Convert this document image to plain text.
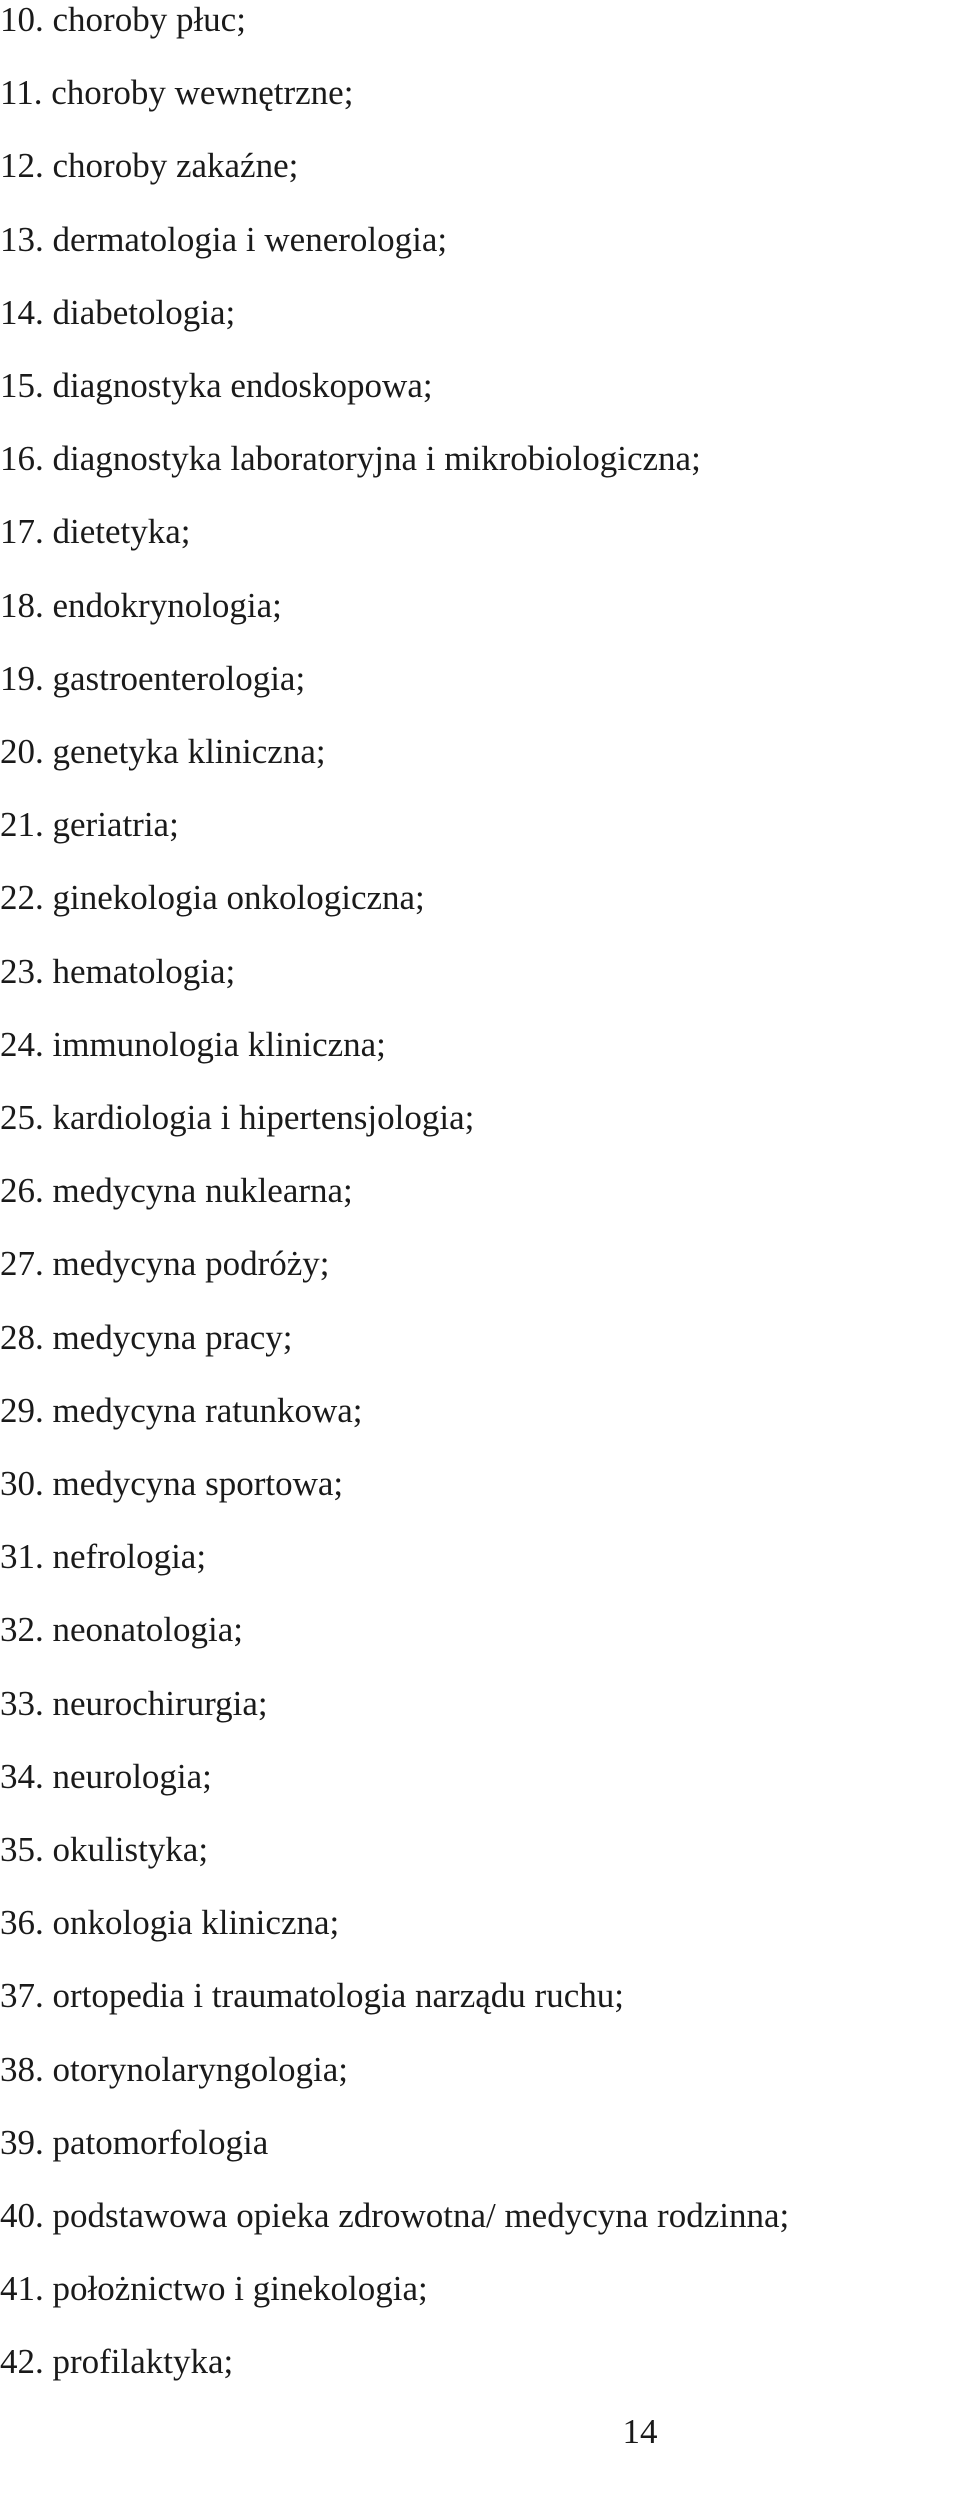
10. choroby płuc;
11. choroby wewnętrzne;
12. choroby zakaźne;
13. dermatologia i wenerologia;
14. diabetologia;
15. diagnostyka endoskopowa;
16. diagnostyka laboratoryjna i mikrobiologiczna;
17. dietetyka;
18. endokrynologia;
19. gastroenterologia;
20. genetyka kliniczna;
21. geriatria;
22. ginekologia onkologiczna;
23. hematologia;
24. immunologia kliniczna;
25. kardiologia i hipertensjologia;
26. medycyna nuklearna;
27. medycyna podróży;
28. medycyna pracy;
29. medycyna ratunkowa;
30. medycyna sportowa;
31. nefrologia;
32. neonatologia;
33. neurochirurgia;
34. neurologia;
35. okulistyka;
36. onkologia kliniczna;
37. ortopedia i traumatologia narządu ruchu;
38. otorynolaryngologia;
39. patomorfologia
40. podstawowa opieka zdrowotna/ medycyna rodzinna;
41. położnictwo i ginekologia;
42. profilaktyka;
14
